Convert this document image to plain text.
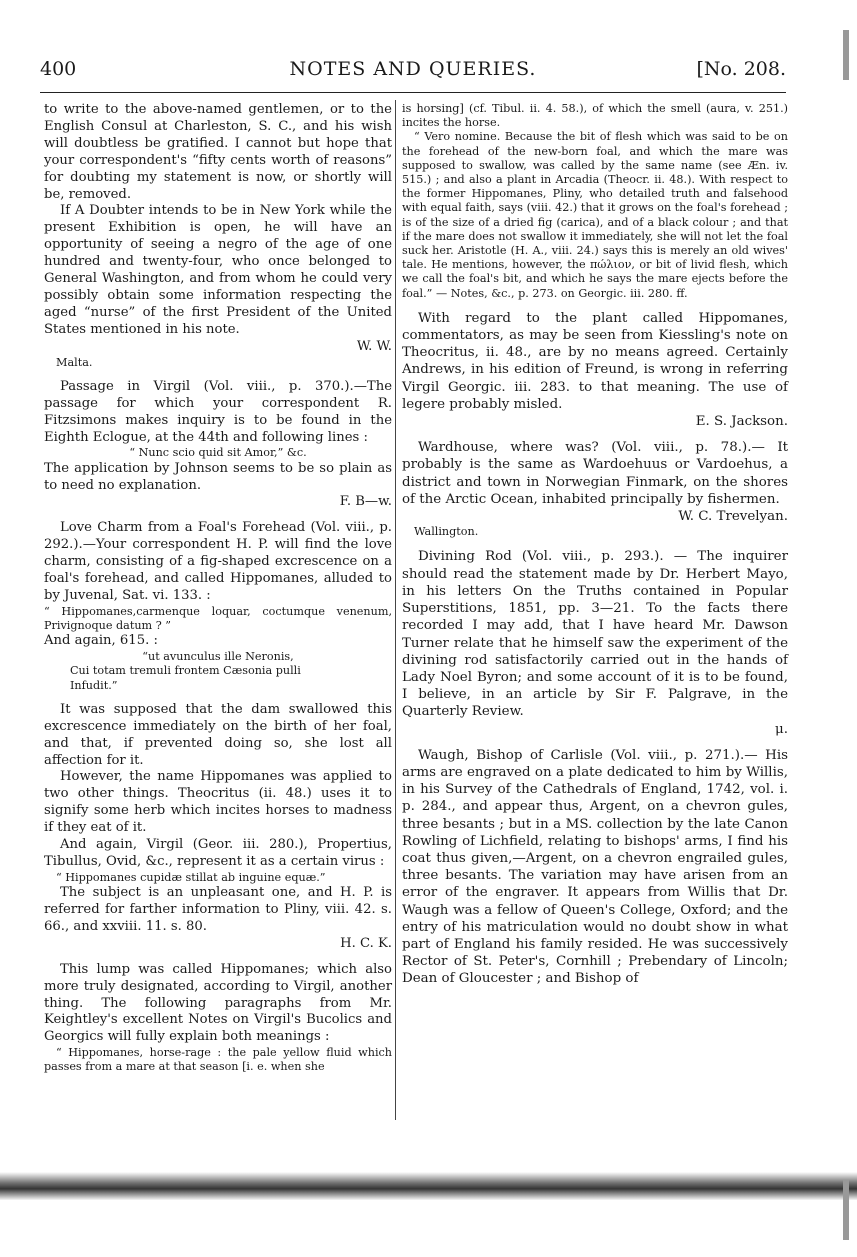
400	NOTES AND QUERIES.	[No. 208.

to write to the above-named gentlemen, or to the English Consul at Charleston, S. C., and his wish will doubtless be gratified. I cannot but hope that your correspondent's “fifty cents worth of reasons” for doubting my statement is now, or shortly will be, removed.

If A Doubter intends to be in New York while the present Exhibition is open, he will have an opportunity of seeing a negro of the age of one hundred and twenty-four, who once belonged to General Washington, and from whom he could very possibly obtain some information respecting the aged “nurse” of the first President of the United States mentioned in his note.

W. W.

Malta.

Passage in Virgil (Vol. viii., p. 370.).—The passage for which your correspondent R. Fitzsimons makes inquiry is to be found in the Eighth Eclogue, at the 44th and following lines :

“ Nunc scio quid sit Amor,” &c.

The application by Johnson seems to be so plain as to need no explanation.

F. B—w.

Love Charm from a Foal's Forehead (Vol. viii., p. 292.).—Your correspondent H. P. will find the love charm, consisting of a fig-shaped excrescence on a foal's forehead, and called Hippomanes, alluded to by Juvenal, Sat. vi. 133. :

“ Hippomanes,carmenque loquar, coctumque venenum, Privignoque datum ? ”

And again, 615. :

“ut avunculus ille Neronis,

Cui totam tremuli frontem Cæsonia pulli

Infudit.”

It was supposed that the dam swallowed this excrescence immediately on the birth of her foal, and that, if prevented doing so, she lost all affection for it.

However, the name Hippomanes was applied to two other things. Theocritus (ii. 48.) uses it to signify some herb which incites horses to madness if they eat of it.

And again, Virgil (Geor. iii. 280.), Propertius, Tibullus, Ovid, &c., represent it as a certain virus :

“ Hippomanes cupidæ stillat ab inguine equæ.”

The subject is an unpleasant one, and H. P. is referred for farther information to Pliny, viii. 42. s. 66., and xxviii. 11. s. 80.

H. C. K.

This lump was called Hippomanes; which also more truly designated, according to Virgil, another thing. The following paragraphs from Mr. Keightley's excellent Notes on Virgil's Bucolics and Georgics will fully explain both meanings :

“ Hippomanes, horse-rage : the pale yellow fluid which passes from a mare at that season [i. e. when she

is horsing] (cf. Tibul. ii. 4. 58.), of which the smell (aura, v. 251.) incites the horse.

“ Vero nomine. Because the bit of flesh which was said to be on the forehead of the new-born foal, and which the mare was supposed to swallow, was called by the same name (see Æn. iv. 515.) ; and also a plant in Arcadia (Theocr. ii. 48.). With respect to the former Hippomanes, Pliny, who detailed truth and falsehood with equal faith, says (viii. 42.) that it grows on the foal's forehead ; is of the size of a dried fig (carica), and of a black colour ; and that if the mare does not swallow it immediately, she will not let the foal suck her. Aristotle (H. A., viii. 24.) says this is merely an old wives' tale. He mentions, however, the πώλιον, or bit of livid flesh, which we call the foal's bit, and which he says the mare ejects before the foal.” — Notes, &c., p. 273. on Georgic. iii. 280. ff.

With regard to the plant called Hippomanes, commentators, as may be seen from Kiessling's note on Theocritus, ii. 48., are by no means agreed. Certainly Andrews, in his edition of Freund, is wrong in referring Virgil Georgic. iii. 283. to that meaning. The use of legere probably misled.

E. S. Jackson.

Wardhouse, where was? (Vol. viii., p. 78.).— It probably is the same as Wardoehuus or Vardoehus, a district and town in Norwegian Finmark, on the shores of the Arctic Ocean, inhabited principally by fishermen.

W. C. Trevelyan.

Wallington.

Divining Rod (Vol. viii., p. 293.). — The inquirer should read the statement made by Dr. Herbert Mayo, in his letters On the Truths contained in Popular Superstitions, 1851, pp. 3—21. To the facts there recorded I may add, that I have heard Mr. Dawson Turner relate that he himself saw the experiment of the divining rod satisfactorily carried out in the hands of Lady Noel Byron; and some account of it is to be found, I believe, in an article by Sir F. Palgrave, in the Quarterly Review.

μ.

Waugh, Bishop of Carlisle (Vol. viii., p. 271.).— His arms are engraved on a plate dedicated to him by Willis, in his Survey of the Cathedrals of England, 1742, vol. i. p. 284., and appear thus, Argent, on a chevron gules, three besants ; but in a MS. collection by the late Canon Rowling of Lichfield, relating to bishops' arms, I find his coat thus given,—Argent, on a chevron engrailed gules, three besants. The variation may have arisen from an error of the engraver. It appears from Willis that Dr. Waugh was a fellow of Queen's College, Oxford; and the entry of his matriculation would no doubt show in what part of England his family resided. He was successively Rector of St. Peter's, Cornhill ; Prebendary of Lincoln; Dean of Gloucester ; and Bishop of
